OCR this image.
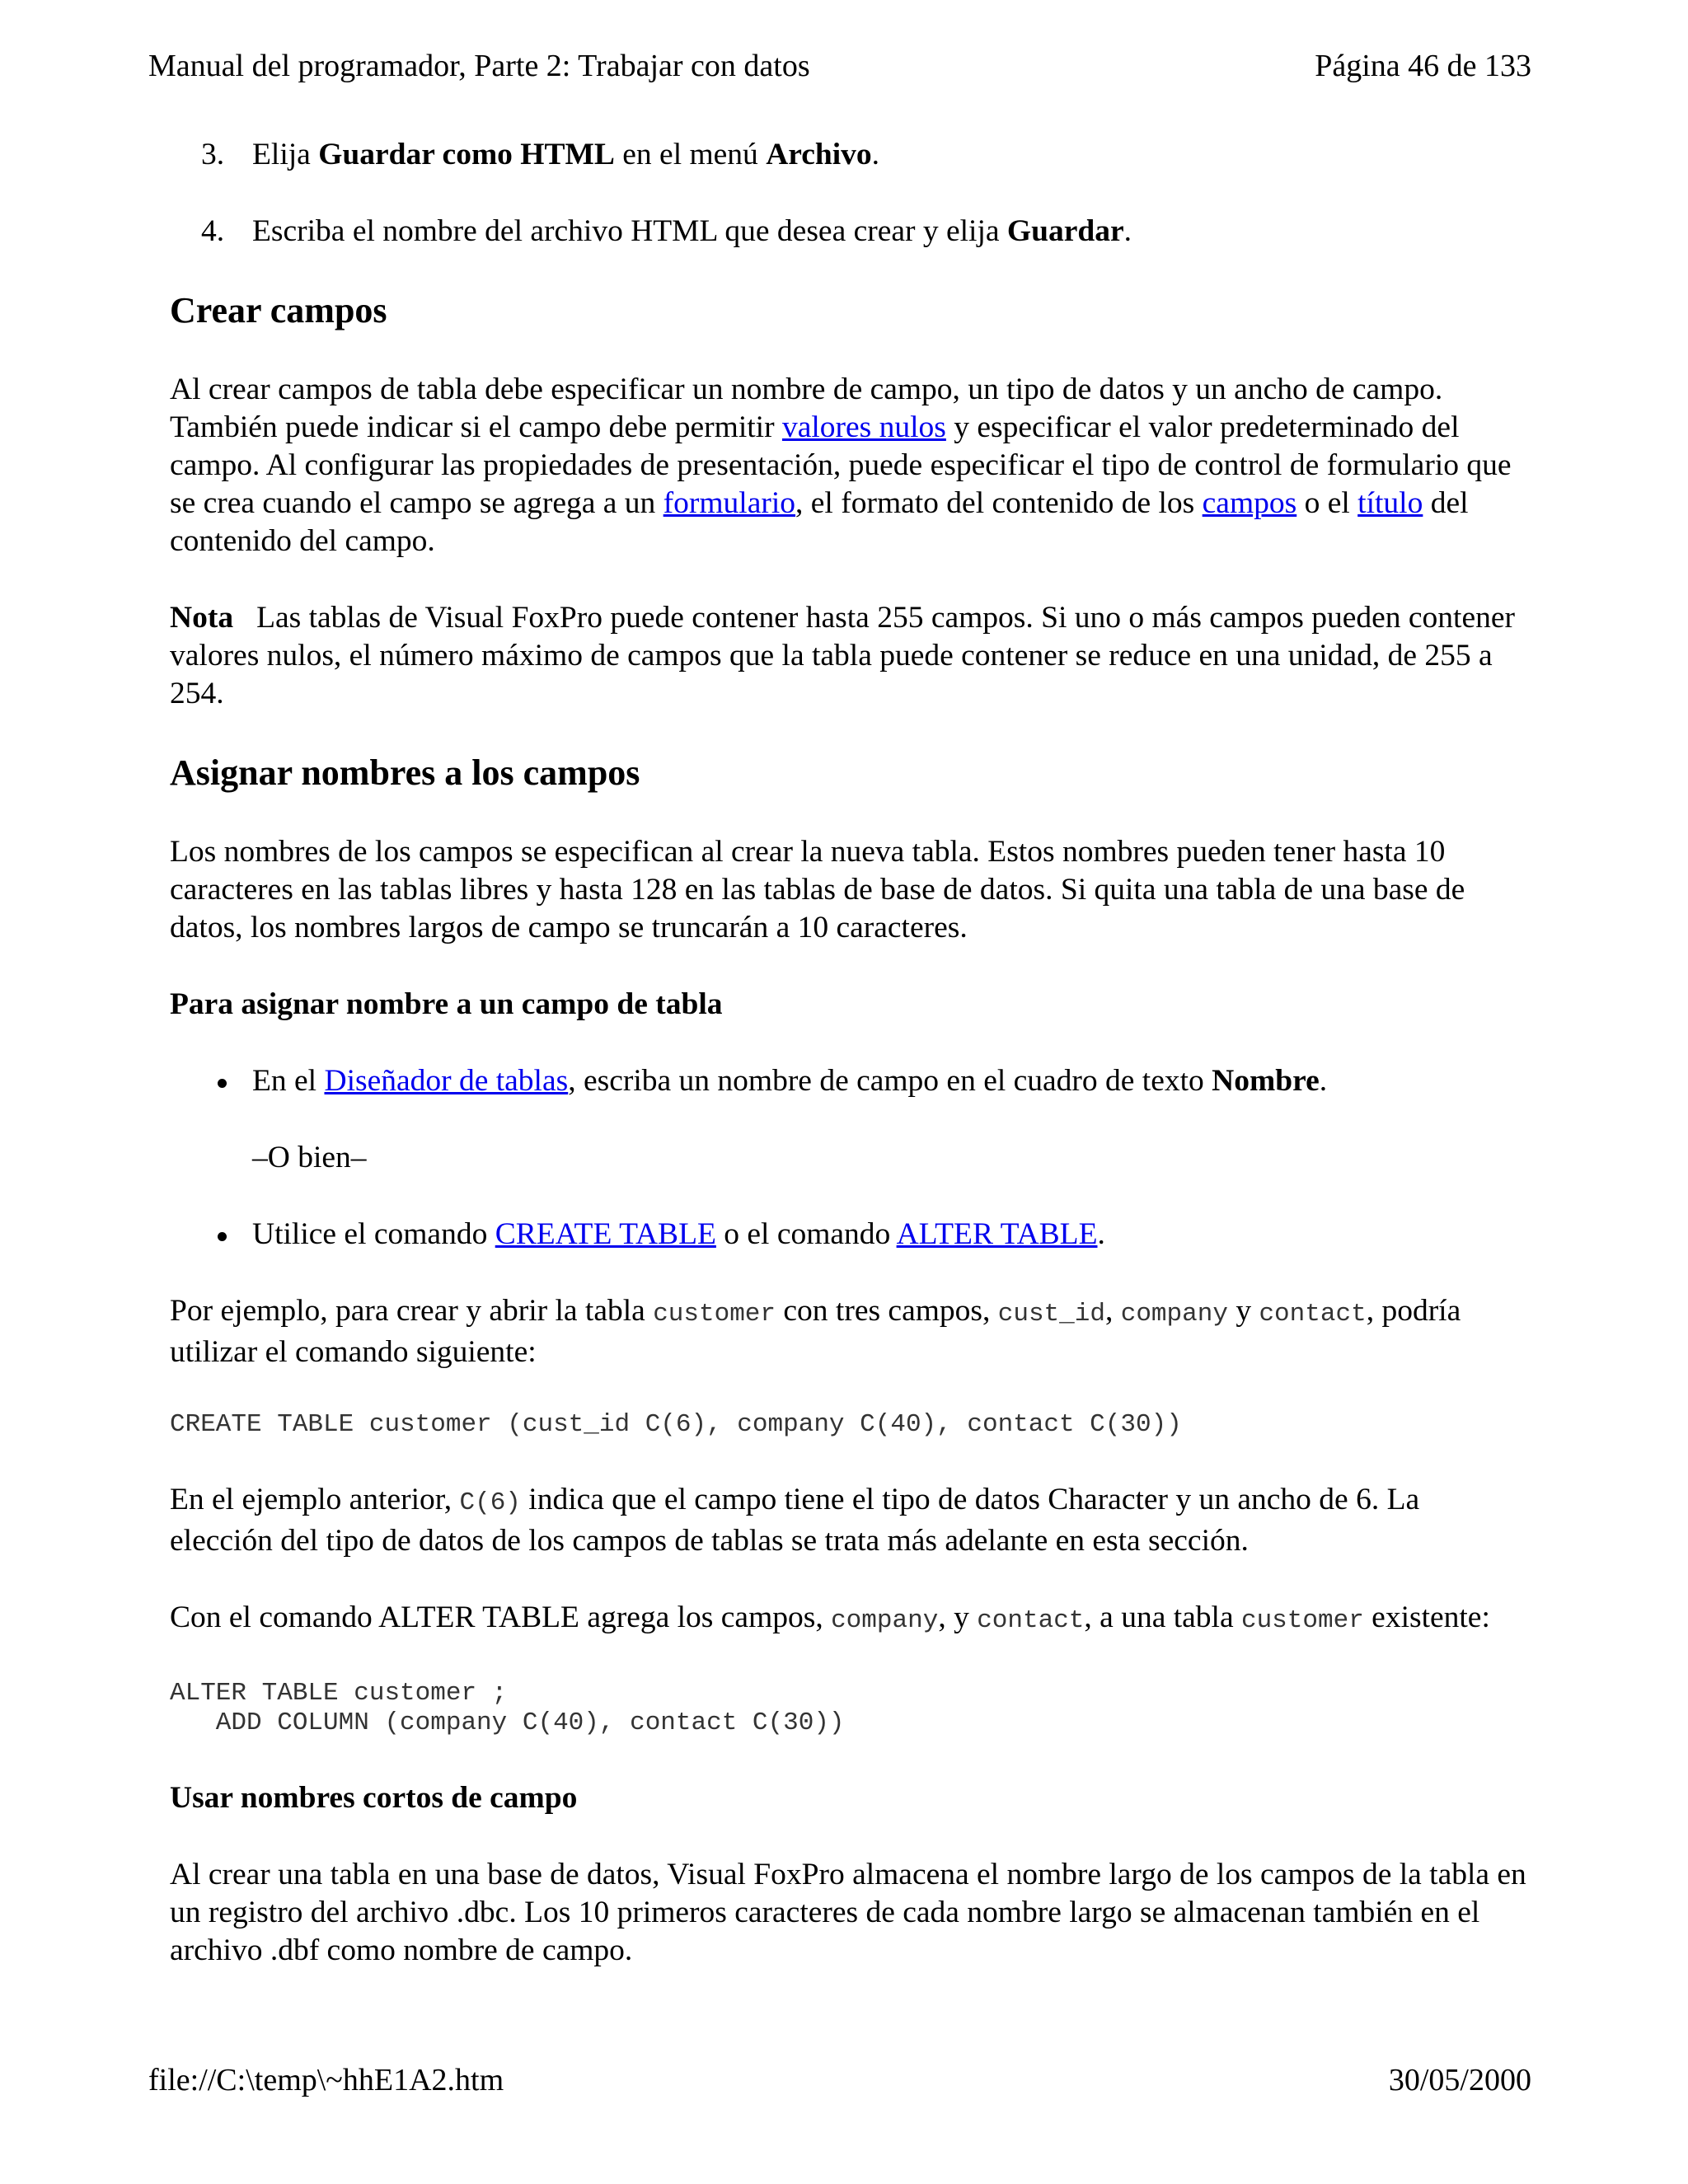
Manual del programador, Parte 2: Trabajar con datos	Página 46 de 133
3. Elija Guardar como HTML en el menú Archivo.
4. Escriba el nombre del archivo HTML que desea crear y elija Guardar.
Crear campos

Al crear campos de tabla debe especificar un nombre de campo, un tipo de datos y un ancho de campo. También puede indicar si el campo debe permitir valores nulos y especificar el valor predeterminado del campo. Al configurar las propiedades de presentación, puede especificar el tipo de control de formulario que se crea cuando el campo se agrega a un formulario, el formato del contenido de los campos o el título del contenido del campo.

Nota Las tablas de Visual FoxPro puede contener hasta 255 campos. Si uno o más campos pueden contener valores nulos, el número máximo de campos que la tabla puede contener se reduce en una unidad, de 255 a 254.

Asignar nombres a los campos

Los nombres de los campos se especifican al crear la nueva tabla. Estos nombres pueden tener hasta 10 caracteres en las tablas libres y hasta 128 en las tablas de base de datos. Si quita una tabla de una base de datos, los nombres largos de campo se truncarán a 10 caracteres.

Para asignar nombre a un campo de tabla
En el Diseñador de tablas, escriba un nombre de campo en el cuadro de texto Nombre.
–O bien–
Utilice el comando CREATE TABLE o el comando ALTER TABLE.

Por ejemplo, para crear y abrir la tabla customer con tres campos, cust_id, company y contact, podría utilizar el comando siguiente:

CREATE TABLE customer (cust_id C(6), company C(40), contact C(30))

En el ejemplo anterior, C(6) indica que el campo tiene el tipo de datos Character y un ancho de 6. La elección del tipo de datos de los campos de tablas se trata más adelante en esta sección.

Con el comando ALTER TABLE agrega los campos, company, y contact, a una tabla customer existente:

ALTER TABLE customer ;
ADD COLUMN (company C(40), contact C(30))
Usar nombres cortos de campo

Al crear una tabla en una base de datos, Visual FoxPro almacena el nombre largo de los campos de la tabla en un registro del archivo .dbc. Los 10 primeros caracteres de cada nombre largo se almacenan también en el archivo .dbf como nombre de campo.

file://C:\temp\~hhE1A2.htm	30/05/2000
